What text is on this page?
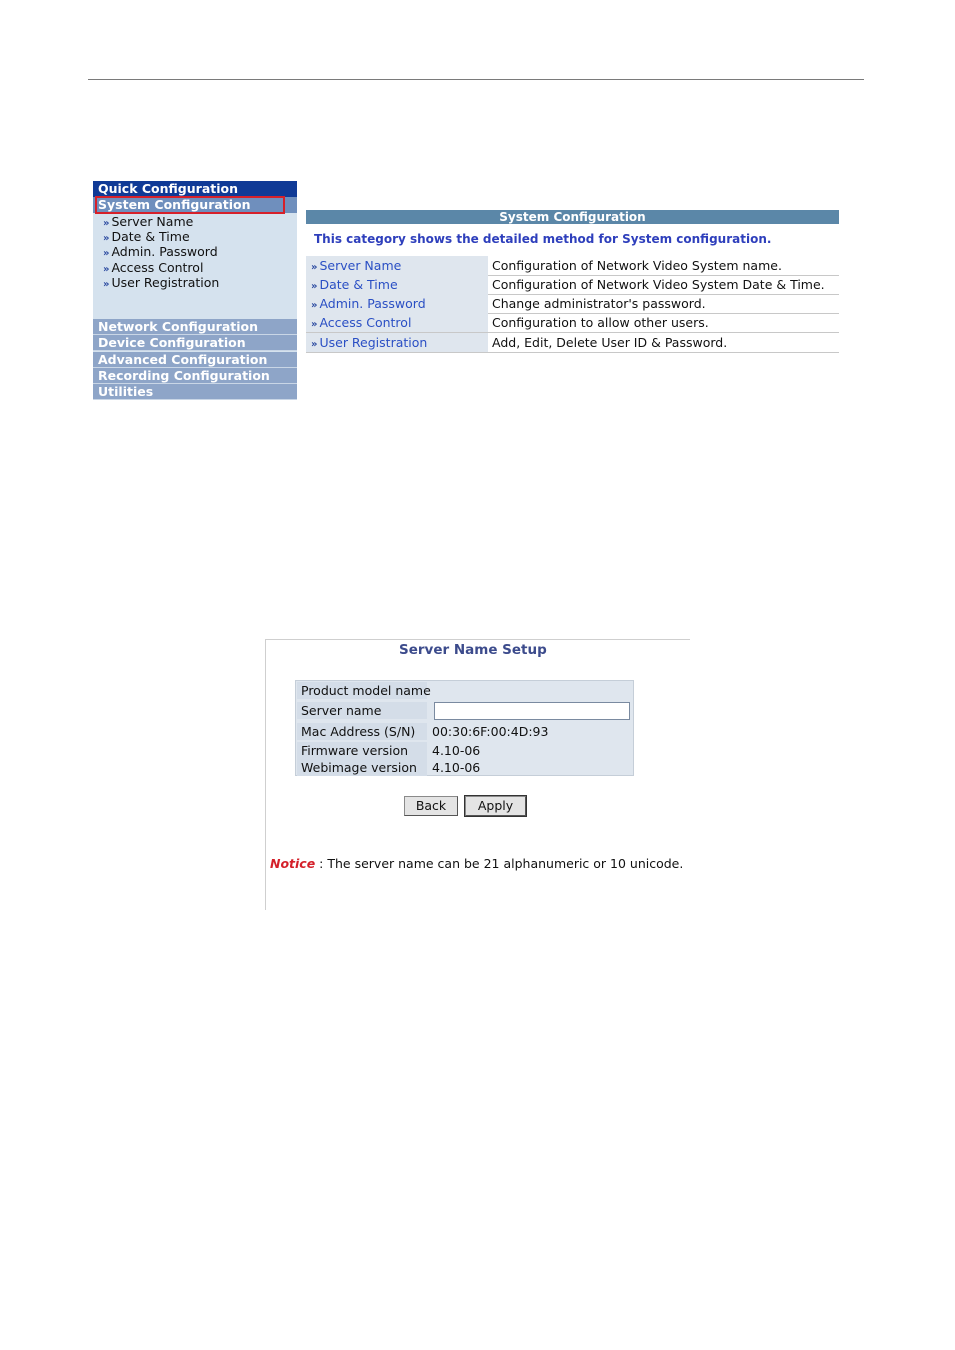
Quick Configuration
System Configuration
» Server Name
» Date & Time
» Admin. Password
» Access Control
» User Registration
Network Configuration
Device Configuration
Advanced Configuration
Recording Configuration
Utilities
System Configuration
This category shows the detailed method for System configuration.
» Server Name	Configuration of Network Video System name.
» Date & Time	Configuration of Network Video System Date & Time.
» Admin. Password	Change administrator's password.
» Access Control	Configuration to allow other users.
» User Registration	Add, Edit, Delete User ID & Password.
Server Name Setup
Product model name
Server name
Mac Address (S/N)	00:30:6F:00:4D:93
Firmware version	4.10-06
Webimage version	4.10-06
Back	Apply
Notice : The server name can be 21 alphanumeric or 10 unicode.
